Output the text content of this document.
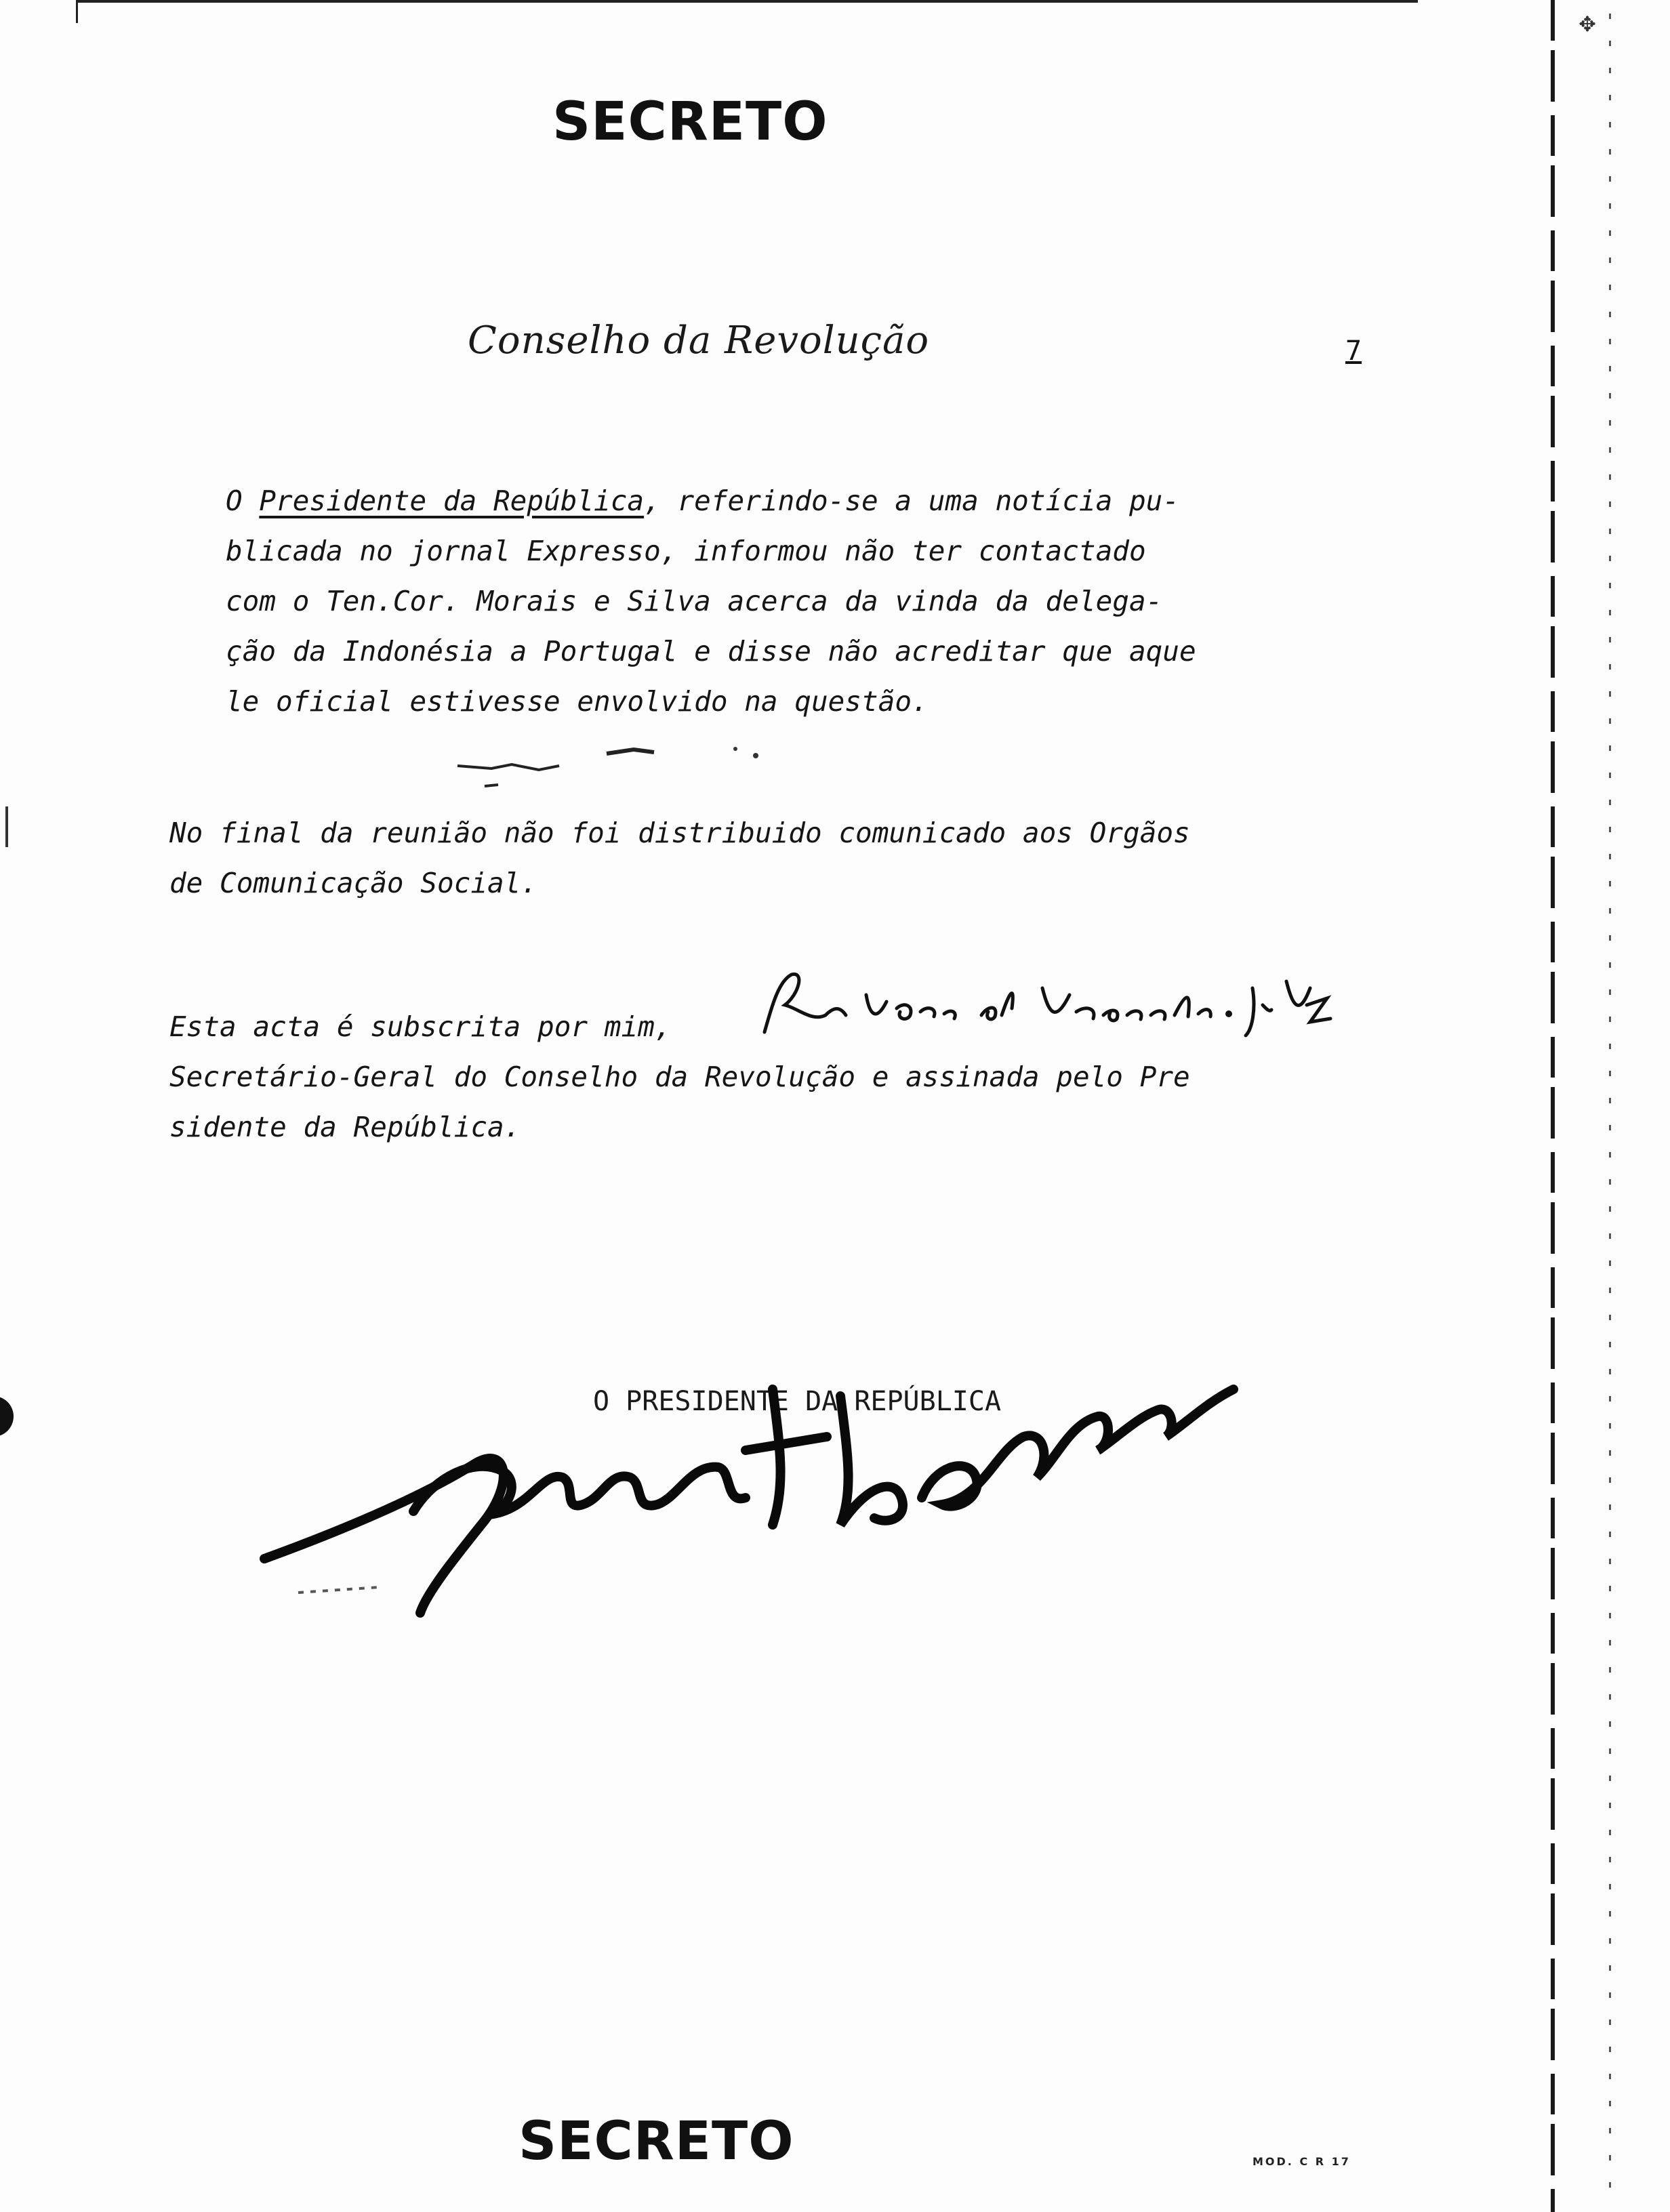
✥
SECRETO
Conselho da Revolução	7
O Presidente da República, referindo-se a uma notícia pu-
blicada no jornal Expresso, informou não ter contactado
com o Ten.Cor. Morais e Silva acerca da vinda da delega-
ção da Indonésia a Portugal e disse não acreditar que aque
le oficial estivesse envolvido na questão.
No final da reunião não foi distribuido comunicado aos Orgãos
de Comunicação Social.
Esta acta é subscrita por mim,
Secretário-Geral do Conselho da Revolução e assinada pelo Pre
sidente da República.
O PRESIDENTE DA REPÚBLICA
SECRETO	MOD. C R 17
